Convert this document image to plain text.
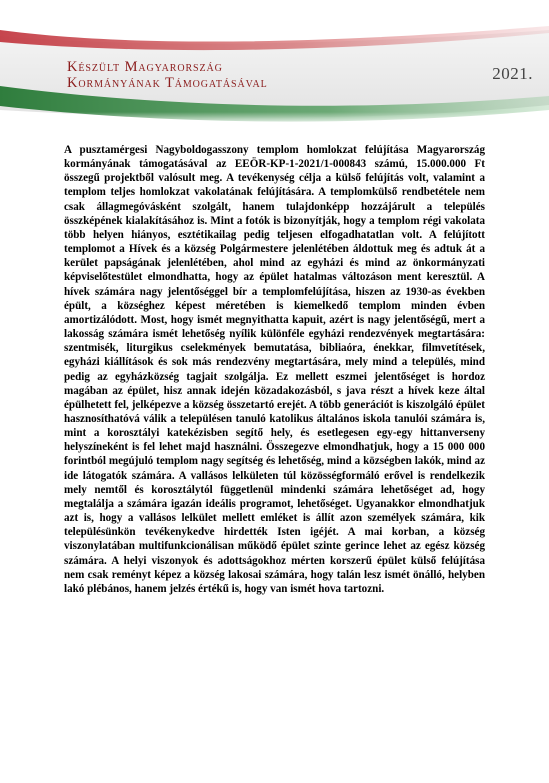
Készült Magyarország
Kormányának Támogatásával	2021.

A pusztamérgesi Nagyboldogasszony templom homlokzat felújítása Magyarország kormányának támogatásával az EEÖR-KP-1-2021/1-000843 számú, 15.000.000 Ft összegű projektből valósult meg. A tevékenység célja a külső felújítás volt, valamint a templom teljes homlokzat vakolatának felújítására. A templomkülső rendbetétele nem csak állagmegóvásként szolgált, hanem tulajdonképp hozzájárult a település összképének kialakításához is. Mint a fotók is bizonyítják, hogy a templom régi vakolata több helyen hiányos, esztétikailag pedig teljesen elfogadhatatlan volt. A felújított templomot a Hívek és a község Polgármestere jelenlétében áldottuk meg és adtuk át a kerület papságának jelenlétében, ahol mind az egyházi és mind az önkormányzati képviselőtestület elmondhatta, hogy az épület hatalmas változáson ment keresztül. A hívek számára nagy jelentőséggel bír a templomfelújítása, hiszen az 1930-as években épült, a községhez képest méretében is kiemelkedő templom minden évben amortizálódott. Most, hogy ismét megnyithatta kapuit, azért is nagy jelentőségű, mert a lakosság számára ismét lehetőség nyílik különféle egyházi rendezvények megtartására: szentmisék, liturgikus cselekmények bemutatása, bibliaóra, énekkar, filmvetítések, egyházi kiállítások és sok más rendezvény megtartására, mely mind a település, mind pedig az egyházközség tagjait szolgálja. Ez mellett eszmei jelentőséget is hordoz magában az épület, hisz annak idején közadakozásból, s java részt a hívek keze által épülhetett fel, jelképezve a község összetartó erejét. A több generációt is kiszolgáló épület hasznosíthatóvá válik a településen tanuló katolikus általános iskola tanulói számára is, mint a korosztályi katekézisben segítő hely, és esetlegesen egy-egy hittanverseny helyszíneként is fel lehet majd használni. Összegezve elmondhatjuk, hogy a 15 000 000 forintból megújuló templom nagy segítség és lehetőség, mind a községben lakók, mind az ide látogatók számára. A vallásos lelkületen túl közösségformáló erővel is rendelkezik mely nemtől és korosztálytól függetlenül mindenki számára lehetőséget ad, hogy megtalálja a számára igazán ideális programot, lehetőséget. Ugyanakkor elmondhatjuk azt is, hogy a vallásos lelkület mellett emléket is állít azon személyek számára, kik településünkön tevékenykedve hirdették Isten igéjét. A mai korban, a község viszonylatában multifunkcionálisan működő épület szinte gerince lehet az egész község számára. A helyi viszonyok és adottságokhoz mérten korszerű épület külső felújítása nem csak reményt képez a község lakosai számára, hogy talán lesz ismét önálló, helyben lakó plébános, hanem jelzés értékű is, hogy van ismét hova tartozni.
